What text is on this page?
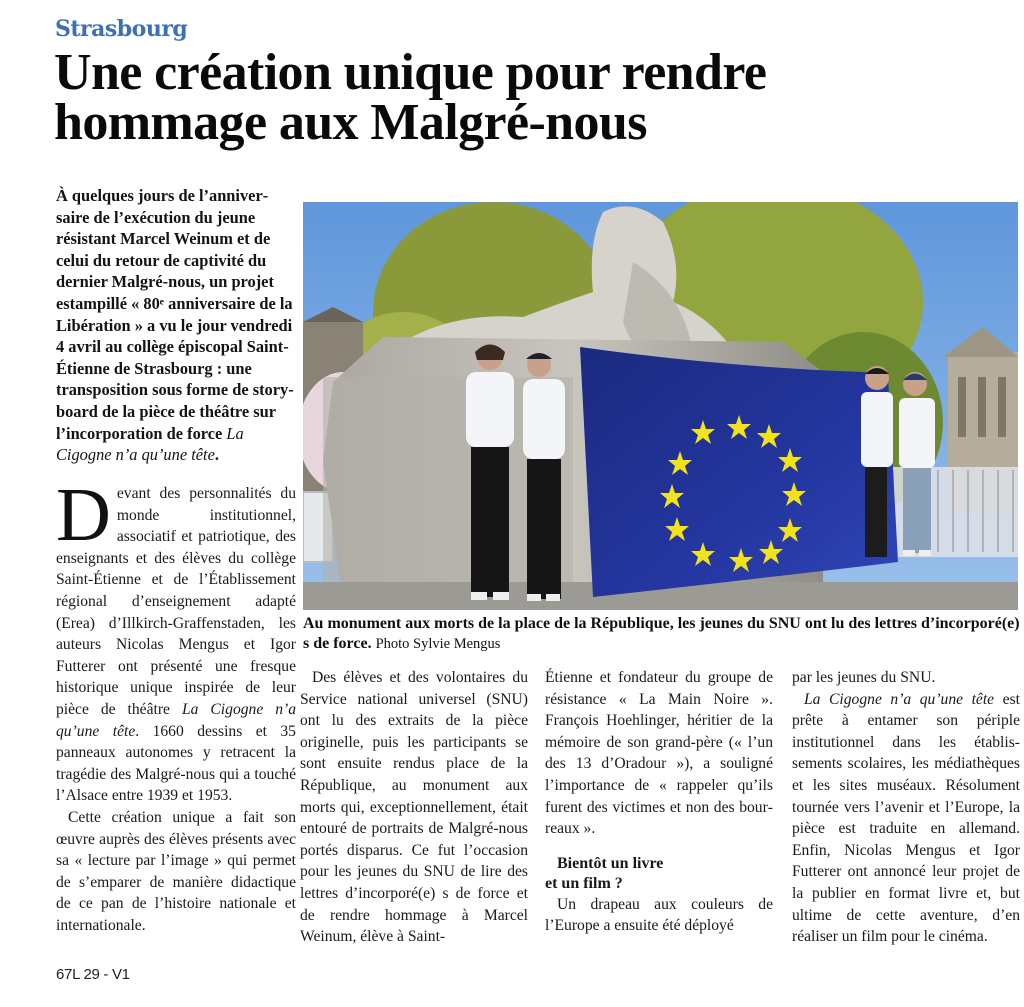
Strasbourg
Une création unique pour rendre
hommage aux Malgré-nous
À quelques jours de l’anniversaire de l’exécution du jeune résistant Marcel Weinum et de celui du retour de captivité du dernier Malgré-nous, un projet estampillé « 80ᵉ anniversaire de la Libération » a vu le jour vendredi 4 avril au collège épiscopal Saint-Étienne de Strasbourg : une transposition sous forme de storyboard de la pièce de théâtre sur l’incorporation de force La Cigogne n’a qu’une tête.

Devant des personnalités du monde institutionnel, associatif et patriotique, des enseignants et des élèves du collège Saint-Étienne et de l’Établissement régional d’enseignement adapté (Erea) d’Illkirch-Graffenstaden, les auteurs Nicolas Mengus et Igor Futterer ont présenté une fresque historique unique inspirée de leur pièce de théâtre La Cigogne n’a qu’une tête. 1660 dessins et 35 panneaux autonomes y retracent la tragédie des Malgré-nous qui a touché l’Alsace entre 1939 et 1953.

Cette création unique a fait son œuvre auprès des élèves présents avec sa « lecture par l’image » qui permet de s’emparer de manière didactique de ce pan de l’histoire nationale et internationale.

Au monument aux morts de la place de la République, les jeunes du SNU ont lu des lettres d’incorporé(e) s de force. Photo Sylvie Mengus

Des élèves et des volontaires du Service national universel (SNU) ont lu des extraits de la pièce originelle, puis les participants se sont ensuite rendus place de la République, au monument aux morts qui, exceptionnellement, était entouré de portraits de Malgré-nous portés disparus. Ce fut l’occasion pour les jeunes du SNU de lire des lettres d’incorporé(e) s de force et de rendre hommage à Marcel Weinum, élève à Saint-

Étienne et fondateur du groupe de résistance « La Main Noire ». François Hoehlinger, héritier de la mémoire de son grand-père (« l’un des 13 d’Oradour »), a souligné l’importance de « rappeler qu’ils furent des victimes et non des bourreaux ».

Bientôt un livre
et un film ?

Un drapeau aux couleurs de l’Europe a ensuite été déployé

par les jeunes du SNU.

La Cigogne n’a qu’une tête est prête à entamer son périple institutionnel dans les établissements scolaires, les médiathèques et les sites muséaux. Résolument tournée vers l’avenir et l’Europe, la pièce est traduite en allemand. Enfin, Nicolas Mengus et Igor Futterer ont annoncé leur projet de la publier en format livre et, but ultime de cette aventure, d’en réaliser un film pour le cinéma.

67L 29 - V1
